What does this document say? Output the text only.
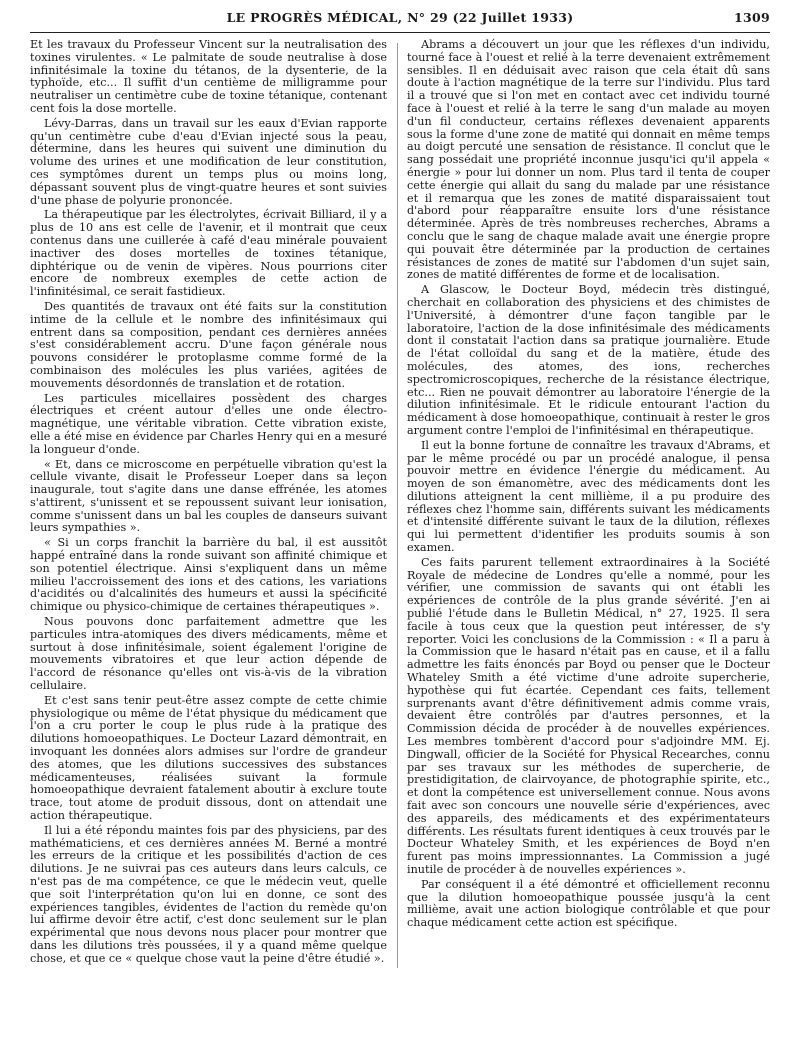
LE PROGRÈS MÉDICAL, N° 29 (22 Juillet 1933)	1309

Et les travaux du Professeur Vincent sur la neutralisation des toxines virulentes. « Le palmitate de soude neutralise à dose infinitésimale la toxine du tétanos, de la dysenterie, de la typhoïde, etc... Il suffit d'un centième de milligramme pour neutraliser un centimètre cube de toxine tétanique, contenant cent fois la dose mortelle.

Lévy-Darras, dans un travail sur les eaux d'Evian rapporte qu'un centimètre cube d'eau d'Evian injecté sous la peau, détermine, dans les heures qui suivent une diminution du volume des urines et une modification de leur constitution, ces symptômes durent un temps plus ou moins long, dépassant souvent plus de vingt-quatre heures et sont suivies d'une phase de polyurie prononcée.

La thérapeutique par les électrolytes, écrivait Billiard, il y a plus de 10 ans est celle de l'avenir, et il montrait que ceux contenus dans une cuillerée à café d'eau minérale pouvaient inactiver des doses mortelles de toxines tétanique, diphtérique ou de venin de vipères. Nous pourrions citer encore de nombreux exemples de cette action de l'infinitésimal, ce serait fastidieux.

Des quantités de travaux ont été faits sur la constitution intime de la cellule et le nombre des infinitésimaux qui entrent dans sa composition, pendant ces dernières années s'est considérablement accru. D'une façon générale nous pouvons considérer le protoplasme comme formé de la combinaison des molécules les plus variées, agitées de mouvements désordonnés de translation et de rotation.

Les particules micellaires possèdent des charges électriques et créent autour d'elles une onde électro-magnétique, une véritable vibration. Cette vibration existe, elle a été mise en évidence par Charles Henry qui en a mesuré la longueur d'onde.

« Et, dans ce microscome en perpétuelle vibration qu'est la cellule vivante, disait le Professeur Loeper dans sa leçon inaugurale, tout s'agite dans une danse effrénée, les atomes s'attirent, s'unissent et se repoussent suivant leur ionisation, comme s'unissent dans un bal les couples de danseurs suivant leurs sympathies ».

« Si un corps franchit la barrière du bal, il est aussitôt happé entraîné dans la ronde suivant son affinité chimique et son potentiel électrique. Ainsi s'expliquent dans un même milieu l'accroissement des ions et des cations, les variations d'acidités ou d'alcalinités des humeurs et aussi la spécificité chimique ou physico-chimique de certaines thérapeutiques ».

Nous pouvons donc parfaitement admettre que les particules intra-atomiques des divers médicaments, même et surtout à dose infinitésimale, soient également l'origine de mouvements vibratoires et que leur action dépende de l'accord de résonance qu'elles ont vis-à-vis de la vibration cellulaire.

Et c'est sans tenir peut-être assez compte de cette chimie physiologique ou même de l'état physique du médicament que l'on a cru porter le coup le plus rude à la pratique des dilutions homoeopathiques. Le Docteur Lazard démontrait, en invoquant les données alors admises sur l'ordre de grandeur des atomes, que les dilutions successives des substances médicamenteuses, réalisées suivant la formule homoeopathique devraient fatalement aboutir à exclure toute trace, tout atome de produit dissous, dont on attendait une action thérapeutique.

Il lui a été répondu maintes fois par des physiciens, par des mathématiciens, et ces dernières années M. Berné a montré les erreurs de la critique et les possibilités d'action de ces dilutions. Je ne suivrai pas ces auteurs dans leurs calculs, ce n'est pas de ma compétence, ce que le médecin veut, quelle que soit l'interprétation qu'on lui en donne, ce sont des expériences tangibles, évidentes de l'action du remède qu'on lui affirme devoir être actif, c'est donc seulement sur le plan expérimental que nous devons nous placer pour montrer que dans les dilutions très poussées, il y a quand même quelque chose, et que ce « quelque chose vaut la peine d'être étudié ».

Abrams a découvert un jour que les réflexes d'un individu, tourné face à l'ouest et relié à la terre devenaient extrêmement sensibles. Il en déduisait avec raison que cela était dû sans doute à l'action magnétique de la terre sur l'individu. Plus tard il a trouvé que si l'on met en contact avec cet individu tourné face à l'ouest et relié à la terre le sang d'un malade au moyen d'un fil conducteur, certains réflexes devenaient apparents sous la forme d'une zone de matité qui donnait en même temps au doigt percuté une sensation de résistance. Il conclut que le sang possédait une propriété inconnue jusqu'ici qu'il appela « énergie » pour lui donner un nom. Plus tard il tenta de couper cette énergie qui allait du sang du malade par une résistance et il remarqua que les zones de matité disparaissaient tout d'abord pour réapparaître ensuite lors d'une résistance déterminée. Après de très nombreuses recherches, Abrams a conclu que le sang de chaque malade avait une énergie propre qui pouvait être déterminée par la production de certaines résistances de zones de matité sur l'abdomen d'un sujet sain, zones de matité différentes de forme et de localisation.

A Glascow, le Docteur Boyd, médecin très distingué, cherchait en collaboration des physiciens et des chimistes de l'Université, à démontrer d'une façon tangible par le laboratoire, l'action de la dose infinitésimale des médicaments dont il constatait l'action dans sa pratique journalière. Etude de l'état colloïdal du sang et de la matière, étude des molécules, des atomes, des ions, recherches spectromicroscopiques, recherche de la résistance électrique, etc... Rien ne pouvait démontrer au laboratoire l'énergie de la dilution infinitésimale. Et le ridicule entourant l'action du médicament à dose homoeopathique, continuait à rester le gros argument contre l'emploi de l'infinitésimal en thérapeutique.

Il eut la bonne fortune de connaître les travaux d'Abrams, et par le même procédé ou par un procédé analogue, il pensa pouvoir mettre en évidence l'énergie du médicament. Au moyen de son émanomètre, avec des médicaments dont les dilutions atteignent la cent millième, il a pu produire des réflexes chez l'homme sain, différents suivant les médicaments et d'intensité différente suivant le taux de la dilution, réflexes qui lui permettent d'identifier les produits soumis à son examen.

Ces faits parurent tellement extraordinaires à la Société Royale de médecine de Londres qu'elle a nommé, pour les vérifier, une commission de savants qui ont établi les expériences de contrôle de la plus grande sévérité. J'en ai publié l'étude dans le Bulletin Médical, n° 27, 1925. Il sera facile à tous ceux que la question peut intéresser, de s'y reporter. Voici les conclusions de la Commission : « Il a paru à la Commission que le hasard n'était pas en cause, et il a fallu admettre les faits énoncés par Boyd ou penser que le Docteur Whateley Smith a été victime d'une adroite supercherie, hypothèse qui fut écartée. Cependant ces faits, tellement surprenants avant d'être définitivement admis comme vrais, devaient être contrôlés par d'autres personnes, et la Commission décida de procéder à de nouvelles expériences. Les membres tombèrent d'accord pour s'adjoindre MM. Ej. Dingwall, officier de la Société for Physical Recearches, connu par ses travaux sur les méthodes de supercherie, de prestidigitation, de clairvoyance, de photographie spirite, etc., et dont la compétence est universellement connue. Nous avons fait avec son concours une nouvelle série d'expériences, avec des appareils, des médicaments et des expérimentateurs différents. Les résultats furent identiques à ceux trouvés par le Docteur Whateley Smith, et les expériences de Boyd n'en furent pas moins impressionnantes. La Commission a jugé inutile de procéder à de nouvelles expériences ».

Par conséquent il a été démontré et officiellement reconnu que la dilution homoeopathique poussée jusqu'à la cent millième, avait une action biologique contrôlable et que pour chaque médicament cette action est spécifique.
